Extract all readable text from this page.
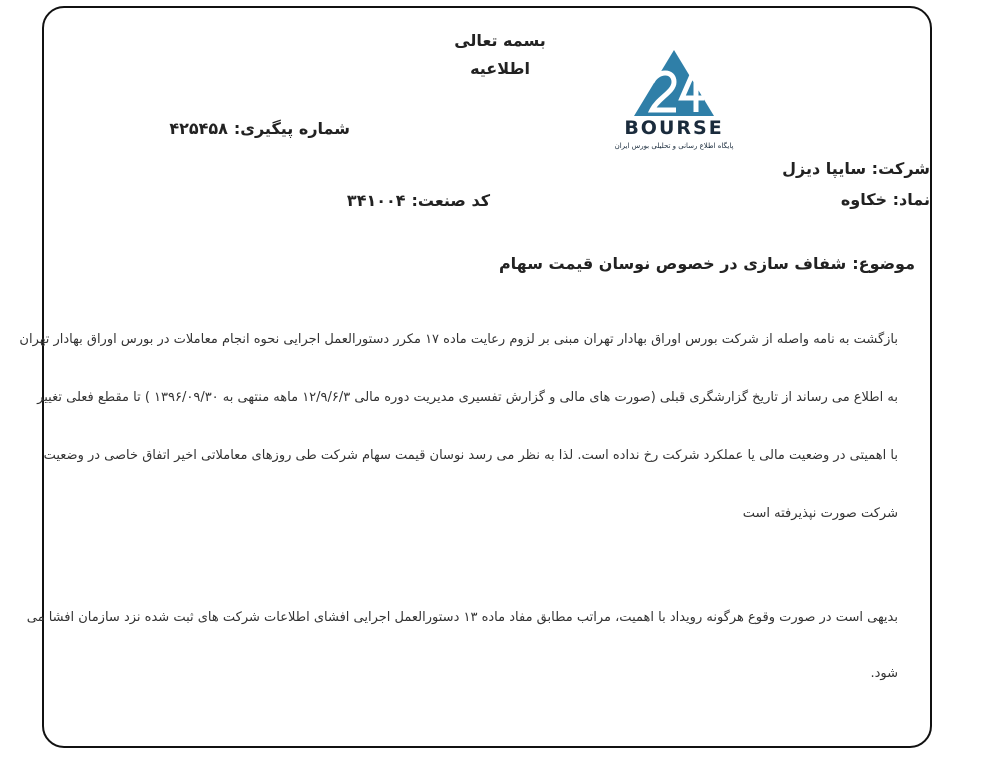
بسمه تعالی
اطلاعیه
BOURSE
پایگاه اطلاع رسانی و تحلیلی بورس ایران
شماره پیگیری:۴۲۵۴۵۸
شرکت: سایپا دیزل
نماد: خکاوه
کد صنعت:۳۴۱۰۰۴
موضوع:شفاف سازی در خصوص نوسان قیمت سهام
بازگشت به نامه واصله از شرکت بورس اوراق بهادار تهران مبنی بر لزوم رعایت ماده ۱۷ مکرر دستورالعمل اجرایی نحوه انجام معاملات در بورس اوراق بهادار تهران
به اطلاع می رساند از تاریخ گزارشگری قبلی (صورت های مالی و گزارش تفسیری مدیریت دوره مالی ۱۲/۹/۶/۳ ماهه منتهی به ۱۳۹۶/۰۹/۳۰ ) تا مقطع فعلی تغییر
با اهمیتی در وضعیت مالی یا عملکرد شرکت رخ نداده است. لذا به نظر می رسد نوسان قیمت سهام شرکت طی روزهای معاملاتی اخیر اتفاق خاصی در وضعیت
شرکت صورت نپذیرفته است
بدیهی است در صورت وقوع هرگونه رویداد با اهمیت، مراتب مطابق مفاد ماده ۱۳ دستورالعمل اجرایی افشای اطلاعات شرکت های ثبت شده نزد سازمان افشا می
شود.
